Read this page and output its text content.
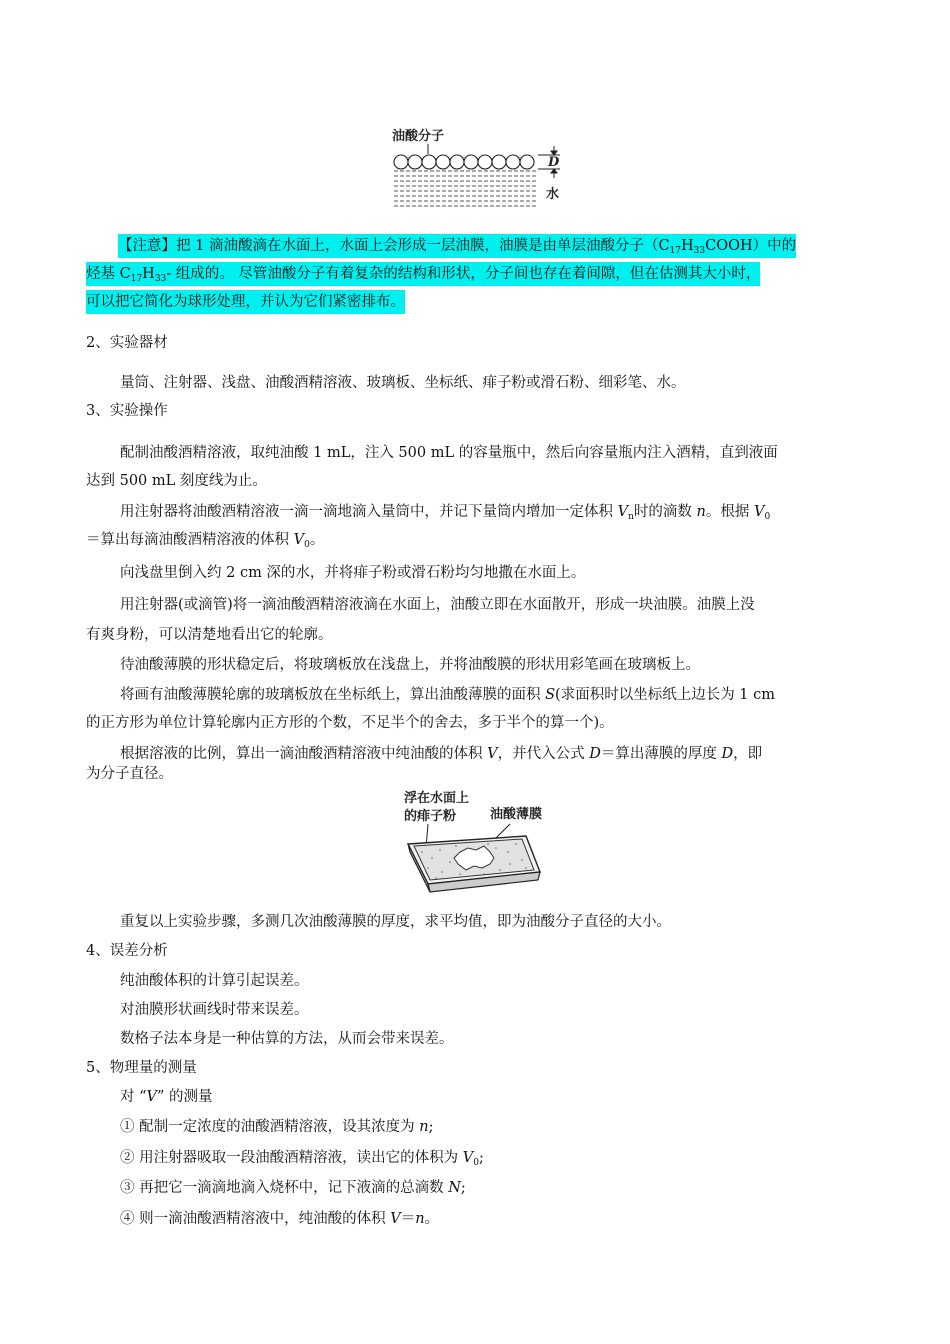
油酸分子
D
水
【注意】把 1 滴油酸滴在水面上，水面上会形成一层油膜，油膜是由单层油酸分子$(C_{17}H_{33}COOH)$中的
烃基 $C_{17}H_{33}-$ 组成的。 尽管油酸分子有着复杂的结构和形状，分子间也存在着间隙，但在估测其大小时，
可以把它简化为球形处理，并认为它们紧密排布。
2、实验器材
量筒、注射器、浅盘、油酸酒精溶液、玻璃板、坐标纸、痱子粉或滑石粉、细彩笔、水。
3、实验操作
配制油酸酒精溶液，取纯油酸 1 mL，注入 500 mL 的容量瓶中，然后向容量瓶内注入酒精，直到液面
达到 500 mL 刻度线为止。
用注射器将油酸酒精溶液一滴一滴地滴入量筒中，并记下量筒内增加一定体积 $V_n$时的滴数 n。根据 $V_0$
＝算出每滴油酸酒精溶液的体积 $V_0$。
向浅盘里倒入约 2 cm 深的水，并将痱子粉或滑石粉均匀地撒在水面上。
用注射器(或滴管)将一滴油酸酒精溶液滴在水面上，油酸立即在水面散开，形成一块油膜。油膜上没
有爽身粉，可以清楚地看出它的轮廓。
待油酸薄膜的形状稳定后，将玻璃板放在浅盘上，并将油酸膜的形状用彩笔画在玻璃板上。
将画有油酸薄膜轮廓的玻璃板放在坐标纸上，算出油酸薄膜的面积 S(求面积时以坐标纸上边长为 1 cm
的正方形为单位计算轮廓内正方形的个数，不足半个的舍去，多于半个的算一个)。
根据溶液的比例，算出一滴油酸酒精溶液中纯油酸的体积 V，并代入公式 D＝算出薄膜的厚度 D，即
为分子直径。
浮在水面上
的痱子粉	油酸薄膜
重复以上实验步骤，多测几次油酸薄膜的厚度，求平均值，即为油酸分子直径的大小。
4、误差分析
纯油酸体积的计算引起误差。
对油膜形状画线时带来误差。
数格子法本身是一种估算的方法，从而会带来误差。
5、物理量的测量
对 “V” 的测量
① 配制一定浓度的油酸酒精溶液，设其浓度为 n;
② 用注射器吸取一段油酸酒精溶液，读出它的体积为 $V_0$;
③ 再把它一滴滴地滴入烧杯中，记下液滴的总滴数 N;
④ 则一滴油酸酒精溶液中，纯油酸的体积 V＝n。
